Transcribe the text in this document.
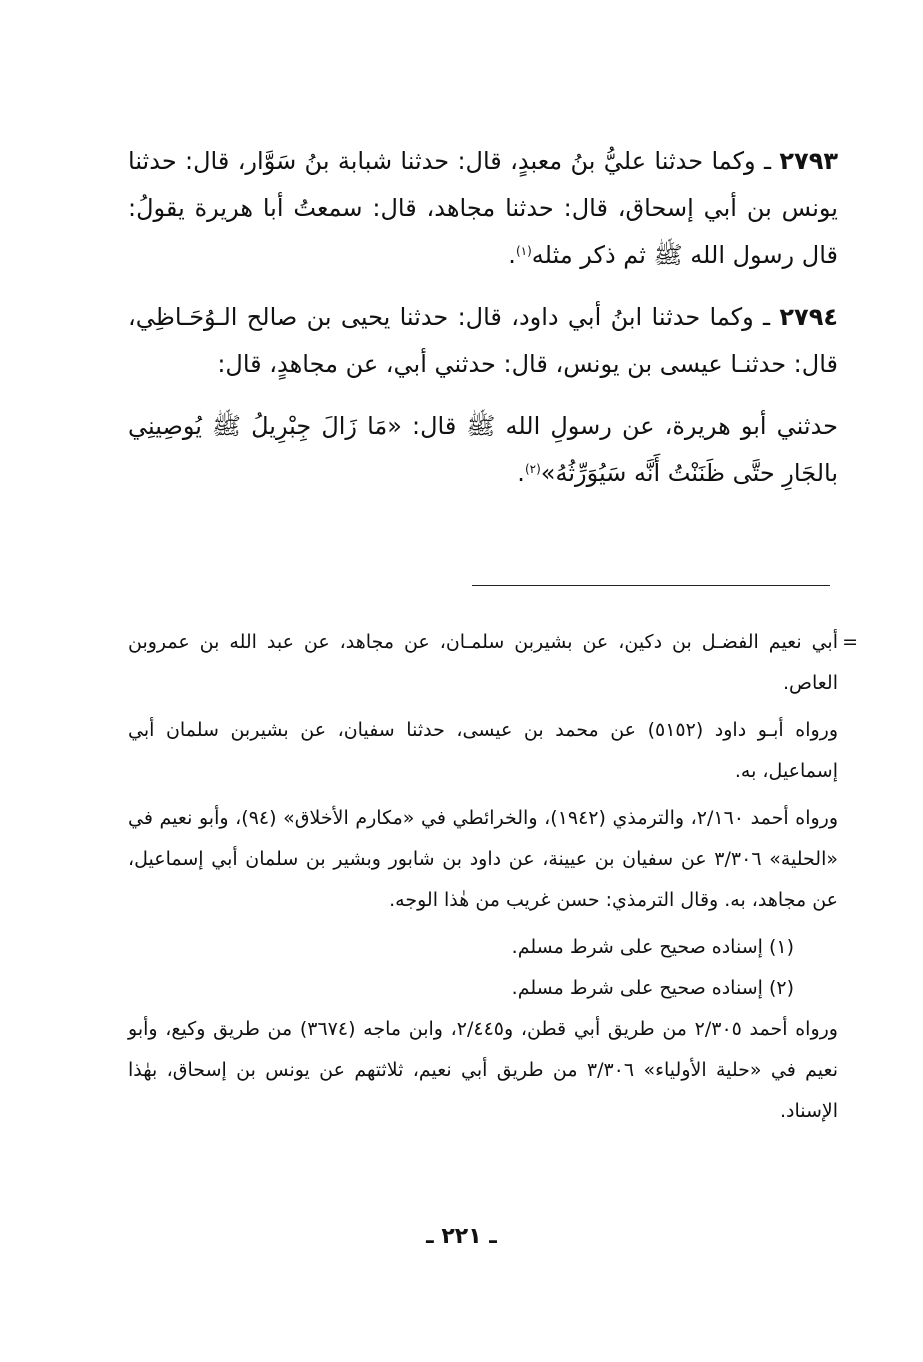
٢٧٩٣ ـ وكما حدثنا عليُّ بنُ معبدٍ، قال: حدثنا شبابة بنُ سَوَّار، قال: حدثنا يونس بن أبي إسحاق، قال: حدثنا مجاهد، قال: سمعتُ أبا هريرة يقولُ: قال رسول الله ﷺ ثم ذكر مثله$^{(١)}$.

٢٧٩٤ ـ وكما حدثنا ابنُ أبي داود، قال: حدثنا يحيى بن صالح الـوُحَـاظِي، قال: حدثنـا عيسى بن يونس، قال: حدثني أبي، عن مجاهدٍ، قال:

حدثني أبو هريرة، عن رسولِ الله ﷺ قال: «مَا زَالَ جِبْرِيلُ ﷺ يُوصِينِي بالجَارِ حتَّى ظَنَنْتُ أَنَّه سَيُوَرِّثُهُ»$^{(٢)}$.

=

أبي نعيم الفضـل بن دكين، عن بشيربن سلمـان، عن مجاهد، عن عبد الله بن عمروبن العاص.

ورواه أبـو داود (٥١٥٢) عن محمد بن عيسى، حدثنا سفيان، عن بشيربن سلمان أبي إسماعيل، به.

ورواه أحمد ٢/١٦٠، والترمذي (١٩٤٢)، والخرائطي في «مكارم الأخلاق» (٩٤)، وأبو نعيم في «الحلية» ٣/٣٠٦ عن سفيان بن عيينة، عن داود بن شابور وبشير بن سلمان أبي إسماعيل، عن مجاهد، به. وقال الترمذي: حسن غريب من هٰذا الوجه.

(١) إسناده صحيح على شرط مسلم.

(٢) إسناده صحيح على شرط مسلم.

ورواه أحمد ٢/٣٠٥ من طريق أبي قطن، و٢/٤٤٥، وابن ماجه (٣٦٧٤) من طريق وكيع، وأبو نعيم في «حلية الأولياء» ٣/٣٠٦ من طريق أبي نعيم، ثلاثتهم عن يونس بن إسحاق، بهٰذا الإسناد.

ـ ٢٢١ ـ
